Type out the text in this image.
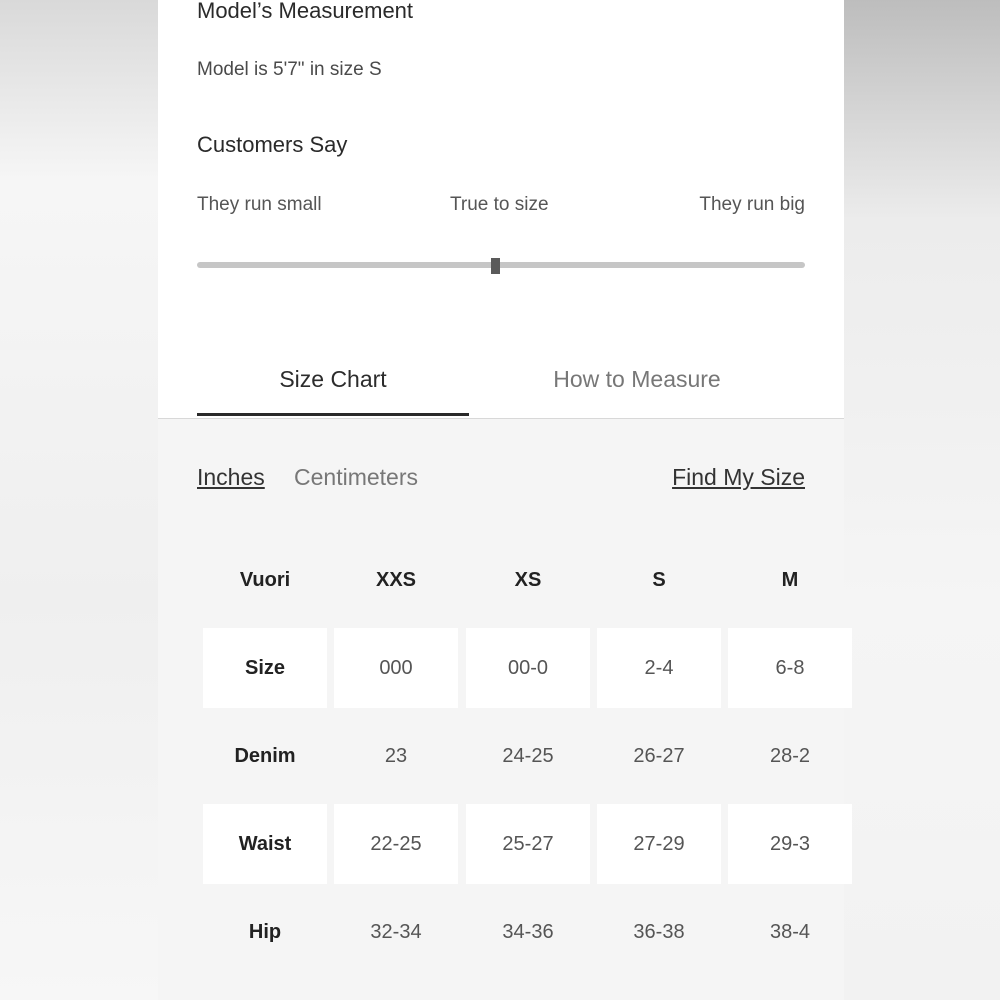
Model’s Measurement
Model is 5'7" in size S
Customers Say
They run small	True to size	They run big
Size Chart	How to Measure
Inches Centimeters	Find My Size
Vuori	XXS	XS	S	M
Size	000	00-0	2-4	6-8
Denim	23	24-25	26-27	28-2
Waist	22-25	25-27	27-29	29-3
Hip	32-34	34-36	36-38	38-4
